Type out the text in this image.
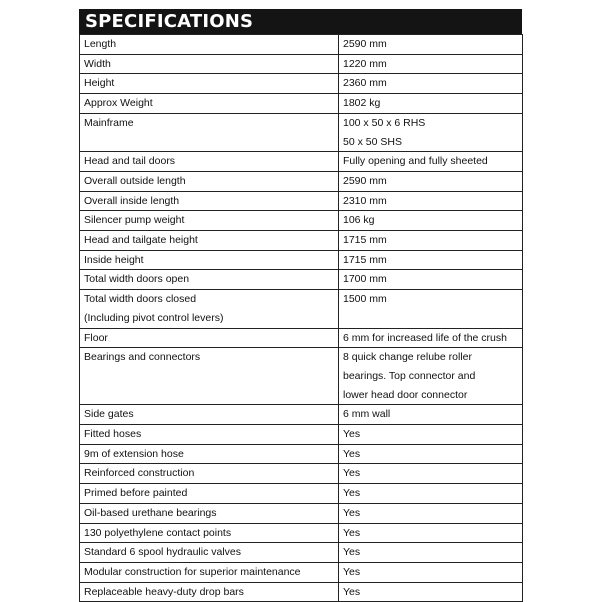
SPECIFICATIONS
Length	2590 mm

Width	1220 mm

Height	2360 mm

Approx Weight	1802 kg

Mainframe	100 x 50 x 6 RHS
50 x 50 SHS

Head and tail doors	Fully opening and fully sheeted

Overall outside length	2590 mm

Overall inside length	2310 mm

Silencer pump weight	106 kg

Head and tailgate height	1715 mm

Inside height	1715 mm

Total width doors open	1700 mm

Total width doors closed
(Including pivot control levers)	1500 mm

Floor	6 mm for increased life of the crush

Bearings and connectors	8 quick change relube roller
bearings. Top connector and
lower head door connector

Side gates	6 mm wall

Fitted hoses	Yes

9m of extension hose	Yes

Reinforced construction	Yes

Primed before painted	Yes

Oil-based urethane bearings	Yes

130 polyethylene contact points	Yes

Standard 6 spool hydraulic valves	Yes

Modular construction for superior maintenance	Yes

Replaceable heavy-duty drop bars	Yes
